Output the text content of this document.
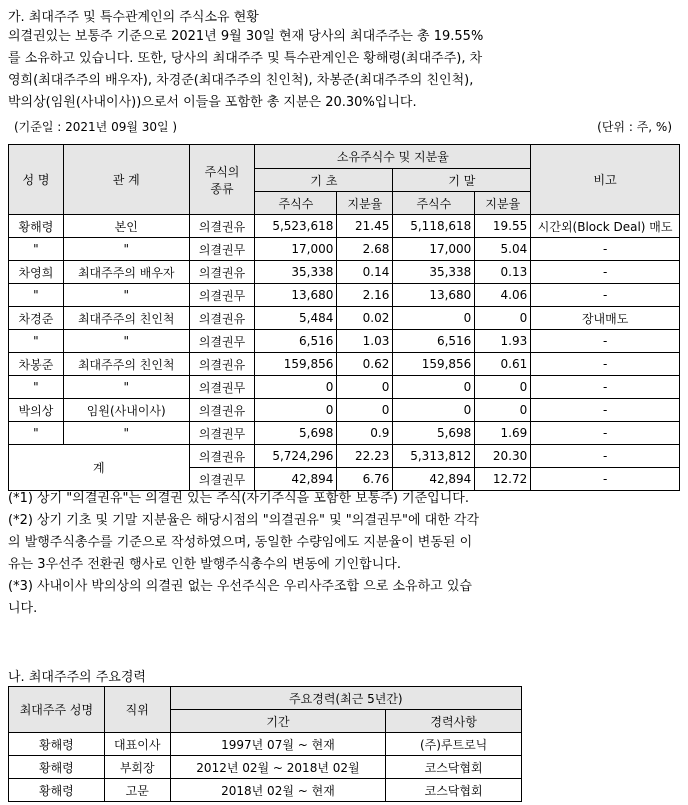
가. 최대주주 및 특수관계인의 주식소유 현황
의결권있는 보통주 기준으로 2021년 9월 30일 현재 당사의 최대주주는 총 19.55%
를 소유하고 있습니다. 또한, 당사의 최대주주 및 특수관계인은 황해령(최대주주), 차
영희(최대주주의 배우자), 차경준(최대주주의 친인척), 차봉준(최대주주의 친인척),
박의상(임원(사내이사))으로서 이들을 포함한 총 지분은 20.30%입니다.
(기준일 : 2021년 09월 30일 )	(단위 : 주, %)
성 명	관 계	주식의
종류	소유주식수 및 지분율				비고
			기 초		기 말		
			주식수	지분율	주식수	지분율	
황해령	본인	의결권유	5,523,618	21.45	5,118,618	19.55	시간외(Block Deal) 매도
"	"	의결권무	17,000	2.68	17,000	5.04	-
차영희	최대주주의 배우자	의결권유	35,338	0.14	35,338	0.13	-
"	"	의결권무	13,680	2.16	13,680	4.06	-
차경준	최대주주의 친인척	의결권유	5,484	0.02	0	0	장내매도
"	"	의결권무	6,516	1.03	6,516	1.93	-
차봉준	최대주주의 친인척	의결권유	159,856	0.62	159,856	0.61	-
"	"	의결권무	0	0	0	0	-
박의상	임원(사내이사)	의결권유	0	0	0	0	-
"	"	의결권무	5,698	0.9	5,698	1.69	-
계		의결권유	5,724,296	22.23	5,313,812	20.30	-
		의결권무	42,894	6.76	42,894	12.72	-
(*1) 상기 "의결권유"는 의결권 있는 주식(자기주식을 포함한 보통주) 기준입니다.
(*2) 상기 기초 및 기말 지분율은 해당시점의 "의결권유" 및 "의결권무"에 대한 각각
의 발행주식총수를 기준으로 작성하였으며, 동일한 수량임에도 지분율이 변동된 이
유는 3우선주 전환권 행사로 인한 발행주식총수의 변동에 기인합니다.
(*3) 사내이사 박의상의 의결권 없는 우선주식은 우리사주조합 으로 소유하고 있습
니다.
나. 최대주주의 주요경력
최대주주 성명	직위	주요경력(최근 5년간)	
		기간	경력사항
황해령	대표이사	1997년 07월 ~ 현재	(주)루트로닉
황해령	부회장	2012년 02월 ~ 2018년 02월	코스닥협회
황해령	고문	2018년 02월 ~ 현재	코스닥협회
